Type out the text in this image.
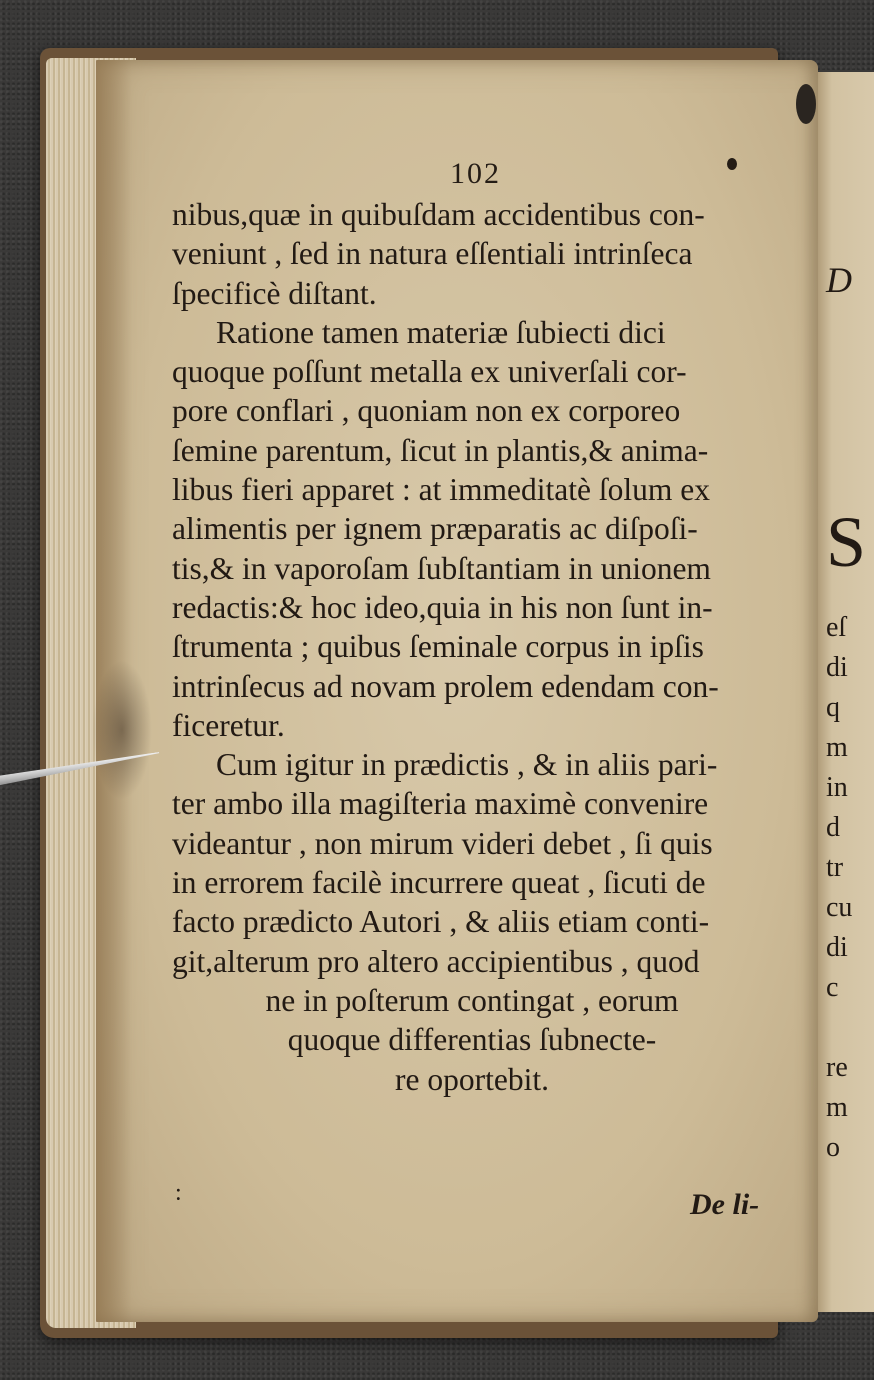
102
nibus,quæ in quibuſdam accidentibus con-
veniunt , ſed in natura eſſentiali intrinſeca
ſpecificè diſtant.
Ratione tamen materiæ ſubiecti dici
quoque poſſunt metalla ex univerſali cor-
pore conflari , quoniam non ex corporeo
ſemine parentum, ſicut in plantis,& anima-
libus fieri apparet : at immeditatè ſolum ex
alimentis per ignem præparatis ac diſpoſi-
tis,& in vaporoſam ſubſtantiam in unionem
redactis:& hoc ideo,quia in his non ſunt in-
ſtrumenta ; quibus ſeminale corpus in ipſis
intrinſecus ad novam prolem edendam con-
ficeretur.
Cum igitur in prædictis , & in aliis pari-
ter ambo illa magiſteria maximè convenire
videantur , non mirum videri debet , ſi quis
in errorem facilè incurrere queat , ſicuti de
facto prædicto Autori , & aliis etiam conti-
git,alterum pro altero accipientibus , quod
ne in poſterum contingat , eorum
quoque differentias ſubnecte-
re oportebit.
:	De li-
D
S
eſ
di
q
m
in
d
tr
cu
di
c
re
m
o
